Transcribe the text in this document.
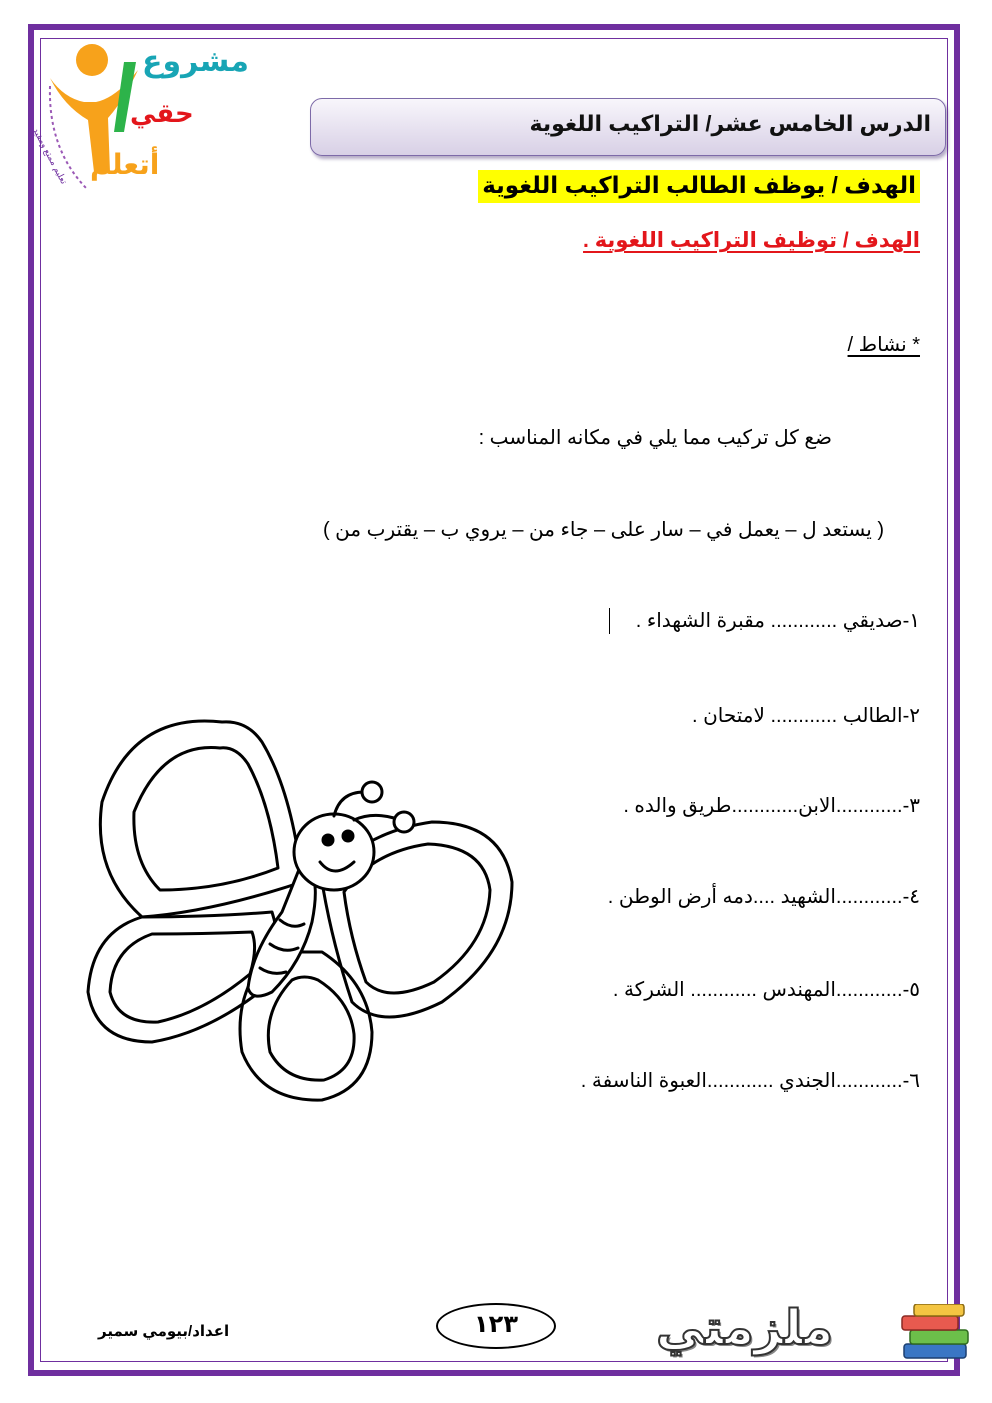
مشروع
حقي
أتعلم
تعليم ممتع ومفيد
الدرس الخامس عشر/ التراكيب اللغوية
الهدف / يوظف الطالب التراكيب اللغوية
الهدف / توظيف التراكيب اللغوية .
* نشاط /
ضع كل تركيب مما يلي في مكانه المناسب :
( يستعد ل – يعمل في – سار على – جاء من – يروي ب – يقترب من )
١-صديقي ............ مقبرة الشهداء .
٢-الطالب ............ لامتحان .
٣-............الابن............طريق والده .
٤-............الشهيد ....دمه أرض الوطن .
٥-............المهندس ............ الشركة .
٦-............الجندي ............العبوة الناسفة .
اعداد/بيومي سمير	١٢٣	ملزمتي
